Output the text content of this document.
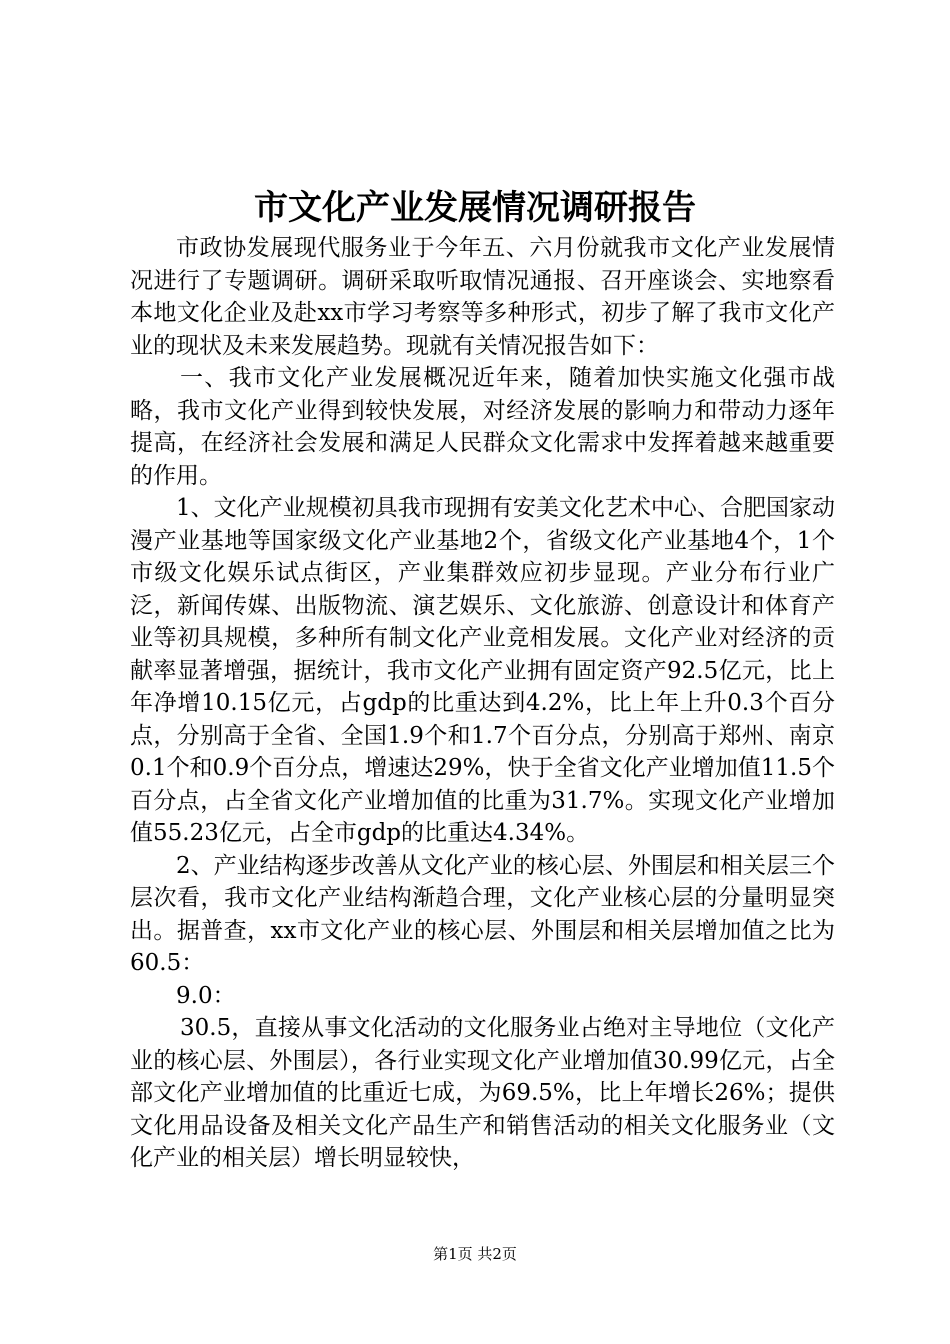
市文化产业发展情况调研报告

市政协发展现代服务业于今年五、六月份就我市文化产业发展情况进行了专题调研。调研采取听取情况通报、召开座谈会、实地察看本地文化企业及赴xx市学习考察等多种形式，初步了解了我市文化产业的现状及未来发展趋势。现就有关情况报告如下：

一、我市文化产业发展概况近年来，随着加快实施文化强市战略，我市文化产业得到较快发展，对经济发展的影响力和带动力逐年提高，在经济社会发展和满足人民群众文化需求中发挥着越来越重要的作用。

1、文化产业规模初具我市现拥有安美文化艺术中心、合肥国家动漫产业基地等国家级文化产业基地2个，省级文化产业基地4个，1个市级文化娱乐试点街区，产业集群效应初步显现。产业分布行业广泛，新闻传媒、出版物流、演艺娱乐、文化旅游、创意设计和体育产业等初具规模，多种所有制文化产业竞相发展。文化产业对经济的贡献率显著增强，据统计，我市文化产业拥有固定资产92.5亿元，比上年净增10.15亿元，占gdp的比重达到4.2%，比上年上升0.3个百分点，分别高于全省、全国1.9个和1.7个百分点，分别高于郑州、南京0.1个和0.9个百分点，增速达29%，快于全省文化产业增加值11.5个百分点，占全省文化产业增加值的比重为31.7%。实现文化产业增加值55.23亿元，占全市gdp的比重达4.34%。

2、产业结构逐步改善从文化产业的核心层、外围层和相关层三个层次看，我市文化产业结构渐趋合理，文化产业核心层的分量明显突出。据普查，xx市文化产业的核心层、外围层和相关层增加值之比为60.5：

9.0：

30.5，直接从事文化活动的文化服务业占绝对主导地位（文化产业的核心层、外围层），各行业实现文化产业增加值30.99亿元，占全部文化产业增加值的比重近七成，为69.5%，比上年增长26%；提供文化用品设备及相关文化产品生产和销售活动的相关文化服务业（文化产业的相关层）增长明显较快，

第1页 共2页
